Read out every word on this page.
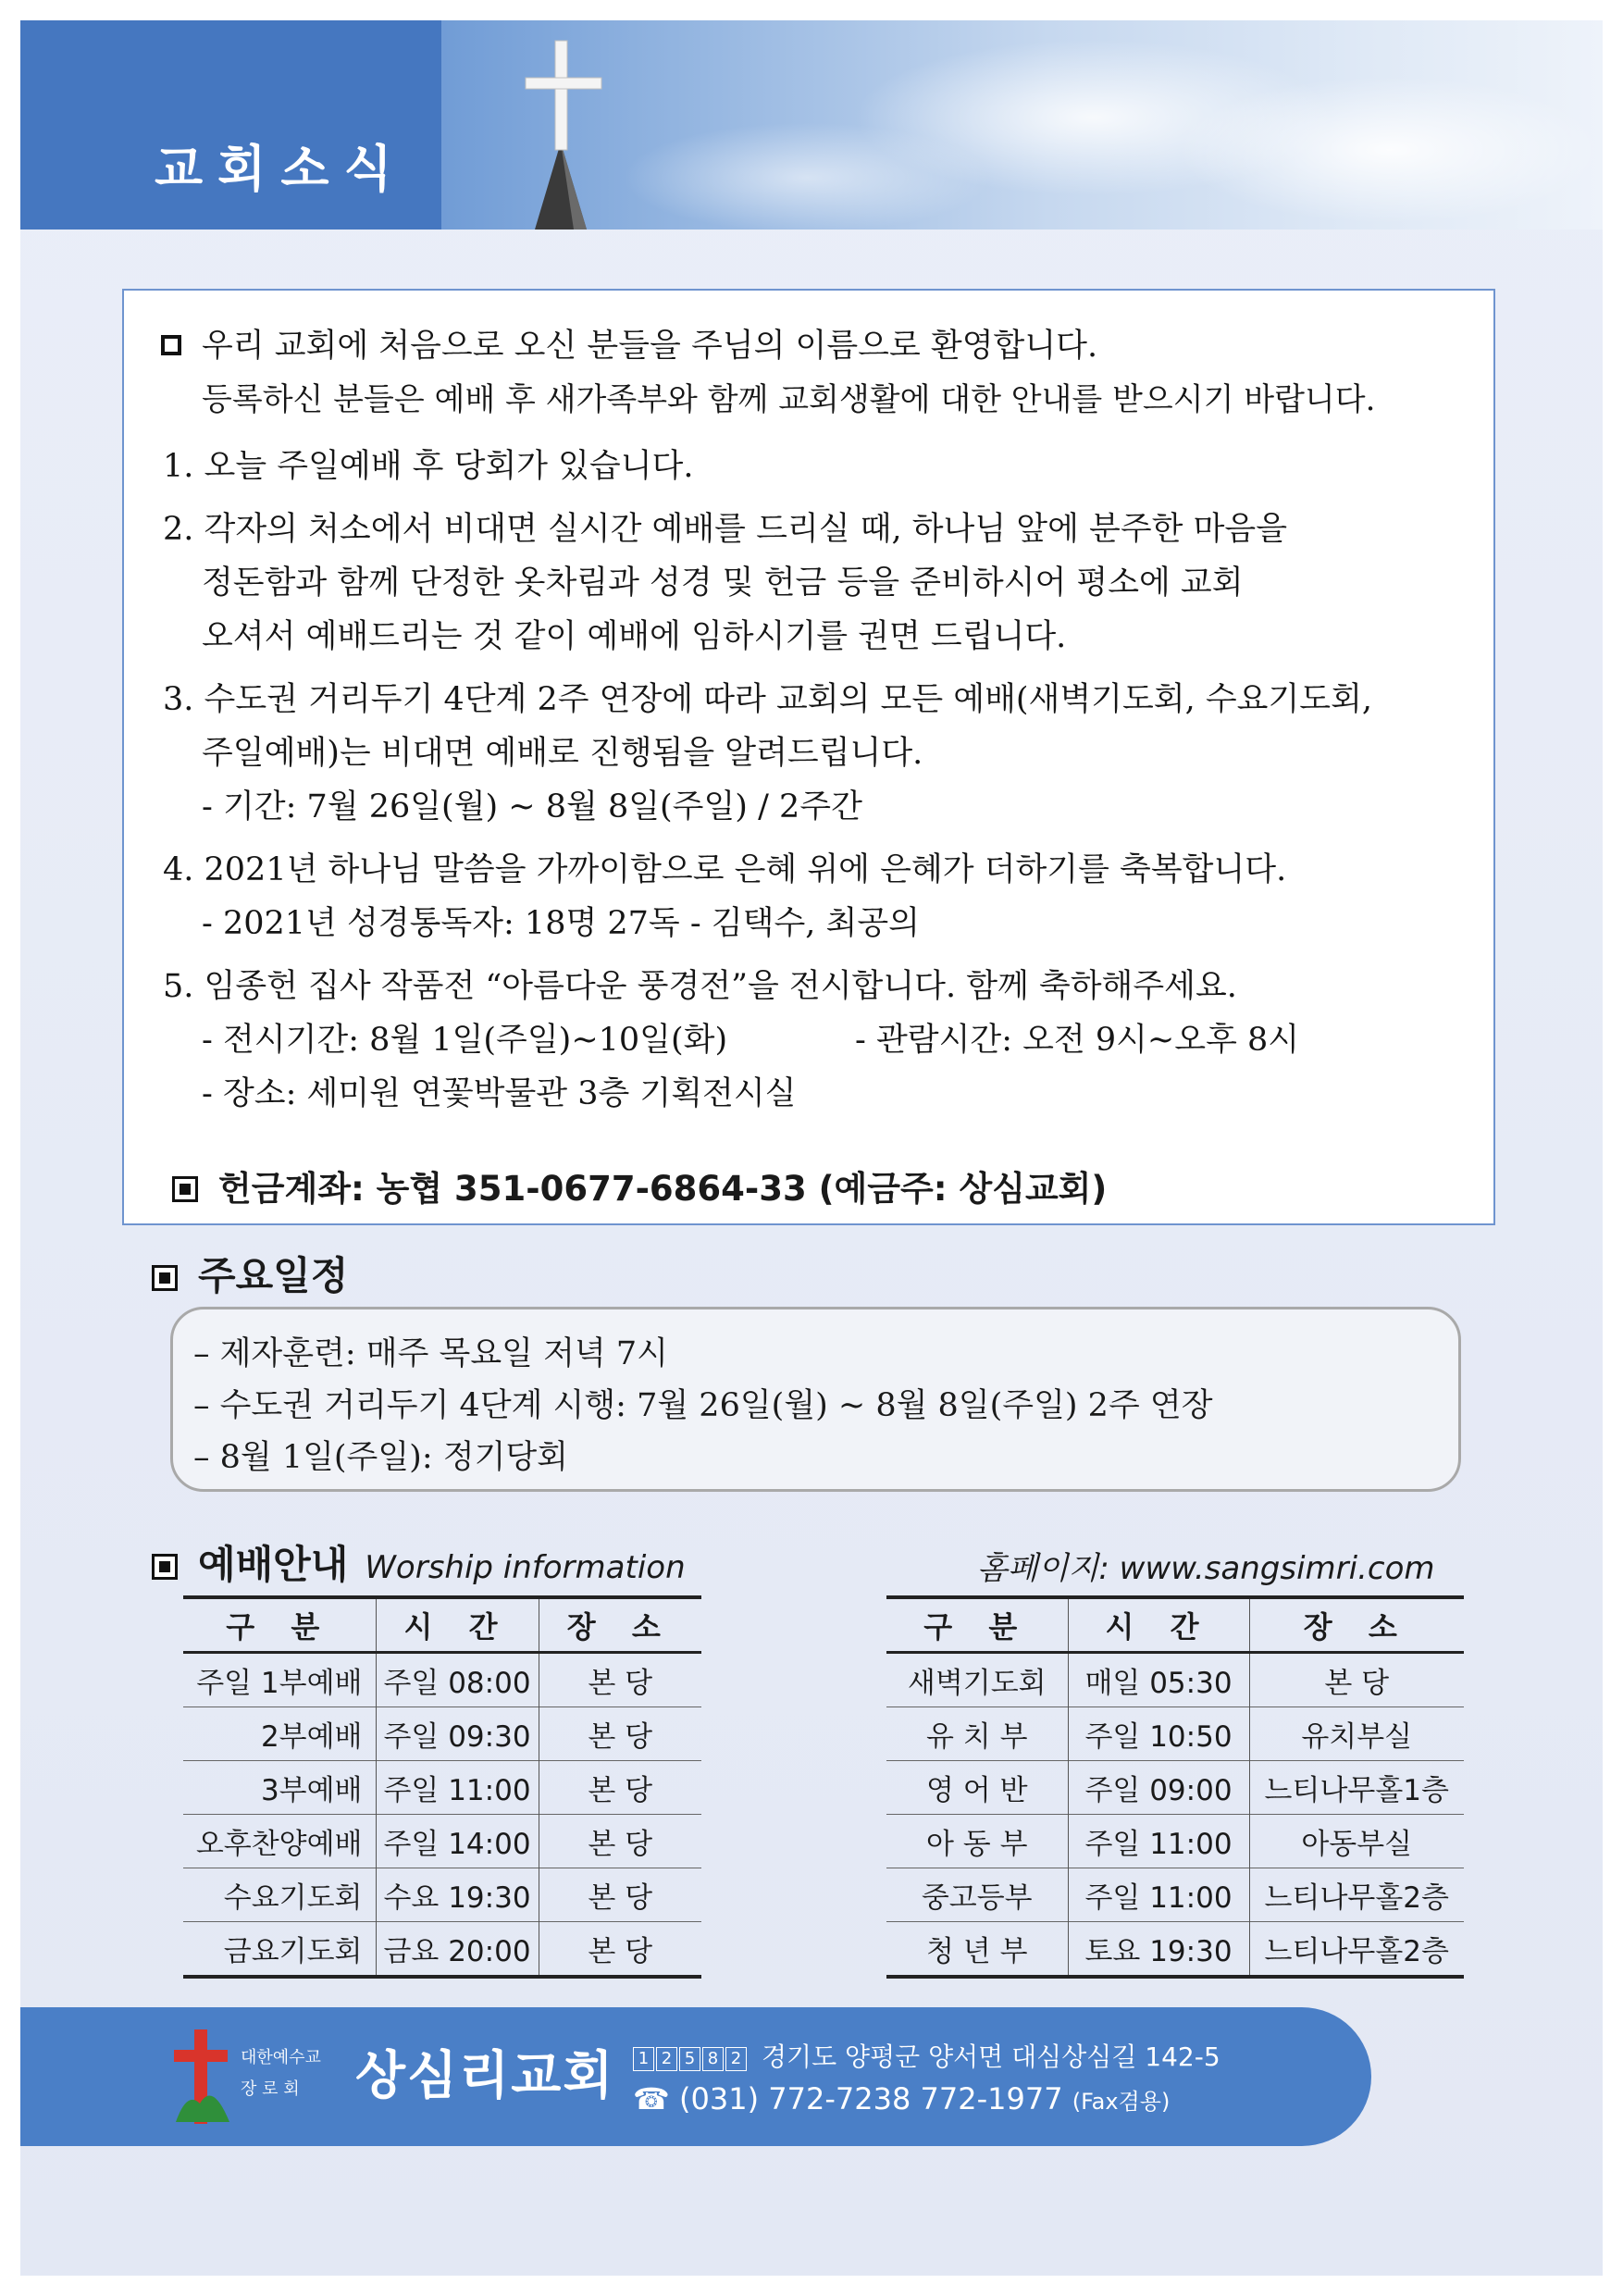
교회소식
우리 교회에 처음으로 오신 분들을 주님의 이름으로 환영합니다.
등록하신 분들은 예배 후 새가족부와 함께 교회생활에 대한 안내를 받으시기 바랍니다.
1. 오늘 주일예배 후 당회가 있습니다.
2. 각자의 처소에서 비대면 실시간 예배를 드리실 때, 하나님 앞에 분주한 마음을
정돈함과 함께 단정한 옷차림과 성경 및 헌금 등을 준비하시어 평소에 교회
오셔서 예배드리는 것 같이 예배에 임하시기를 권면 드립니다.
3. 수도권 거리두기 4단계 2주 연장에 따라 교회의 모든 예배(새벽기도회, 수요기도회,
주일예배)는 비대면 예배로 진행됨을 알려드립니다.
- 기간: 7월 26일(월) ~ 8월 8일(주일) / 2주간
4. 2021년 하나님 말씀을 가까이함으로 은혜 위에 은혜가 더하기를 축복합니다.
- 2021년 성경통독자: 18명 27독 - 김택수, 최공의
5. 임종헌 집사 작품전 “아름다운 풍경전”을 전시합니다. 함께 축하해주세요.
- 전시기간: 8월 1일(주일)~10일(화)	- 관람시간: 오전 9시~오후 8시
- 장소: 세미원 연꽃박물관 3층 기획전시실
헌금계좌: 농협 351-0677-6864-33 (예금주: 상심교회)
주요일정
– 제자훈련: 매주 목요일 저녁 7시
– 수도권 거리두기 4단계 시행: 7월 26일(월) ~ 8월 8일(주일) 2주 연장
– 8월 1일(주일): 정기당회
예배안내 Worship information	홈페이지: www.sangsimri.com
구 분	시 간	장 소
주일 1부예배	주일 08:00	본 당
2부예배	주일 09:30	본 당
3부예배	주일 11:00	본 당
오후찬양예배	주일 14:00	본 당
수요기도회	수요 19:30	본 당
금요기도회	금요 20:00	본 당
구 분	시 간	장 소
새벽기도회	매일 05:30	본 당
유 치 부	주일 10:50	유치부실
영 어 반	주일 09:00	느티나무홀1층
아 동 부	주일 11:00	아동부실
중고등부	주일 11:00	느티나무홀2층
청 년 부	토요 19:30	느티나무홀2층
대한예수교
장 로 회	상심리교회	1 2 5 8 2 경기도 양평군 양서면 대심상심길 142-5
☎ (031) 772-7238 772-1977 (Fax겸용)
